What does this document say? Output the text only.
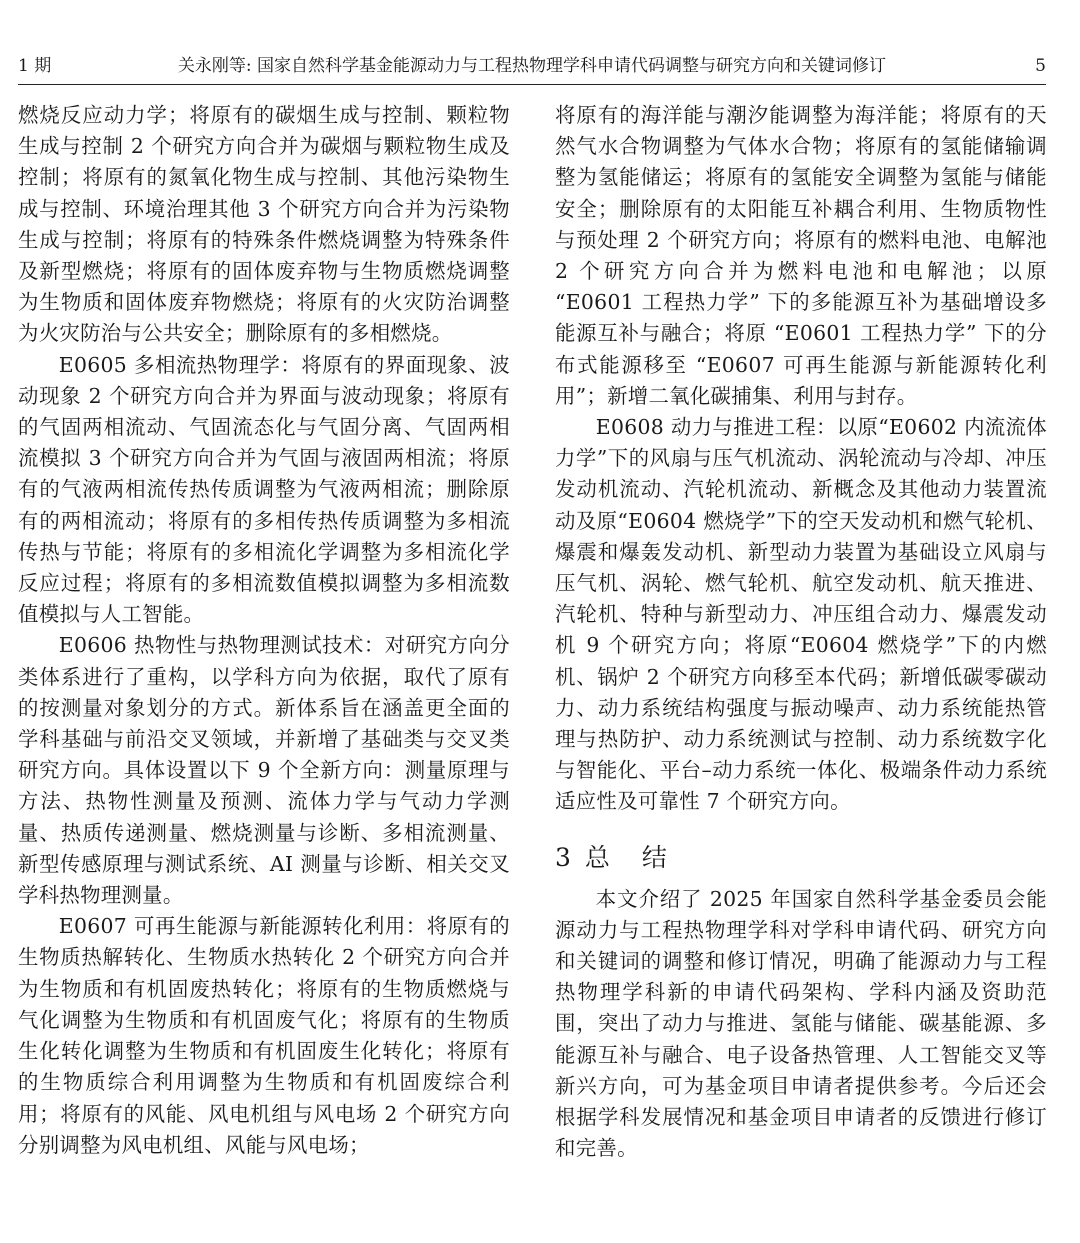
1 期	关永刚等: 国家自然科学基金能源动力与工程热物理学科申请代码调整与研究方向和关键词修订	5

燃烧反应动力学；将原有的碳烟生成与控制、颗粒物生成与控制 2 个研究方向合并为碳烟与颗粒物生成及控制；将原有的氮氧化物生成与控制、其他污染物生成与控制、环境治理其他 3 个研究方向合并为污染物生成与控制；将原有的特殊条件燃烧调整为特殊条件及新型燃烧；将原有的固体废弃物与生物质燃烧调整为生物质和固体废弃物燃烧；将原有的火灾防治调整为火灾防治与公共安全；删除原有的多相燃烧。

E0605 多相流热物理学：将原有的界面现象、波动现象 2 个研究方向合并为界面与波动现象；将原有的气固两相流动、气固流态化与气固分离、气固两相流模拟 3 个研究方向合并为气固与液固两相流；将原有的气液两相流传热传质调整为气液两相流；删除原有的两相流动；将原有的多相传热传质调整为多相流传热与节能；将原有的多相流化学调整为多相流化学反应过程；将原有的多相流数值模拟调整为多相流数值模拟与人工智能。

E0606 热物性与热物理测试技术：对研究方向分类体系进行了重构，以学科方向为依据，取代了原有的按测量对象划分的方式。新体系旨在涵盖更全面的学科基础与前沿交叉领域，并新增了基础类与交叉类研究方向。具体设置以下 9 个全新方向：测量原理与方法、热物性测量及预测、流体力学与气动力学测量、热质传递测量、燃烧测量与诊断、多相流测量、新型传感原理与测试系统、AI 测量与诊断、相关交叉学科热物理测量。

E0607 可再生能源与新能源转化利用：将原有的生物质热解转化、生物质水热转化 2 个研究方向合并为生物质和有机固废热转化；将原有的生物质燃烧与气化调整为生物质和有机固废气化；将原有的生物质生化转化调整为生物质和有机固废生化转化；将原有的生物质综合利用调整为生物质和有机固废综合利用；将原有的风能、风电机组与风电场 2 个研究方向分别调整为风电机组、风能与风电场；

将原有的海洋能与潮汐能调整为海洋能；将原有的天然气水合物调整为气体水合物；将原有的氢能储输调整为氢能储运；将原有的氢能安全调整为氢能与储能安全；删除原有的太阳能互补耦合利用、生物质物性与预处理 2 个研究方向；将原有的燃料电池、电解池 2 个研究方向合并为燃料电池和电解池；以原 “E0601 工程热力学” 下的多能源互补为基础增设多能源互补与融合；将原 “E0601 工程热力学” 下的分布式能源移至 “E0607 可再生能源与新能源转化利用”；新增二氧化碳捕集、利用与封存。

E0608 动力与推进工程：以原“E0602 内流流体力学”下的风扇与压气机流动、涡轮流动与冷却、冲压发动机流动、汽轮机流动、新概念及其他动力装置流动及原“E0604 燃烧学”下的空天发动机和燃气轮机、爆震和爆轰发动机、新型动力装置为基础设立风扇与压气机、涡轮、燃气轮机、航空发动机、航天推进、汽轮机、特种与新型动力、冲压组合动力、爆震发动机 9 个研究方向；将原“E0604 燃烧学”下的内燃机、锅炉 2 个研究方向移至本代码；新增低碳零碳动力、动力系统结构强度与振动噪声、动力系统能热管理与热防护、动力系统测试与控制、动力系统数字化与智能化、平台–动力系统一体化、极端条件动力系统适应性及可靠性 7 个研究方向。

3 总 结

本文介绍了 2025 年国家自然科学基金委员会能源动力与工程热物理学科对学科申请代码、研究方向和关键词的调整和修订情况，明确了能源动力与工程热物理学科新的申请代码架构、学科内涵及资助范围，突出了动力与推进、氢能与储能、碳基能源、多能源互补与融合、电子设备热管理、人工智能交叉等新兴方向，可为基金项目申请者提供参考。今后还会根据学科发展情况和基金项目申请者的反馈进行修订和完善。
